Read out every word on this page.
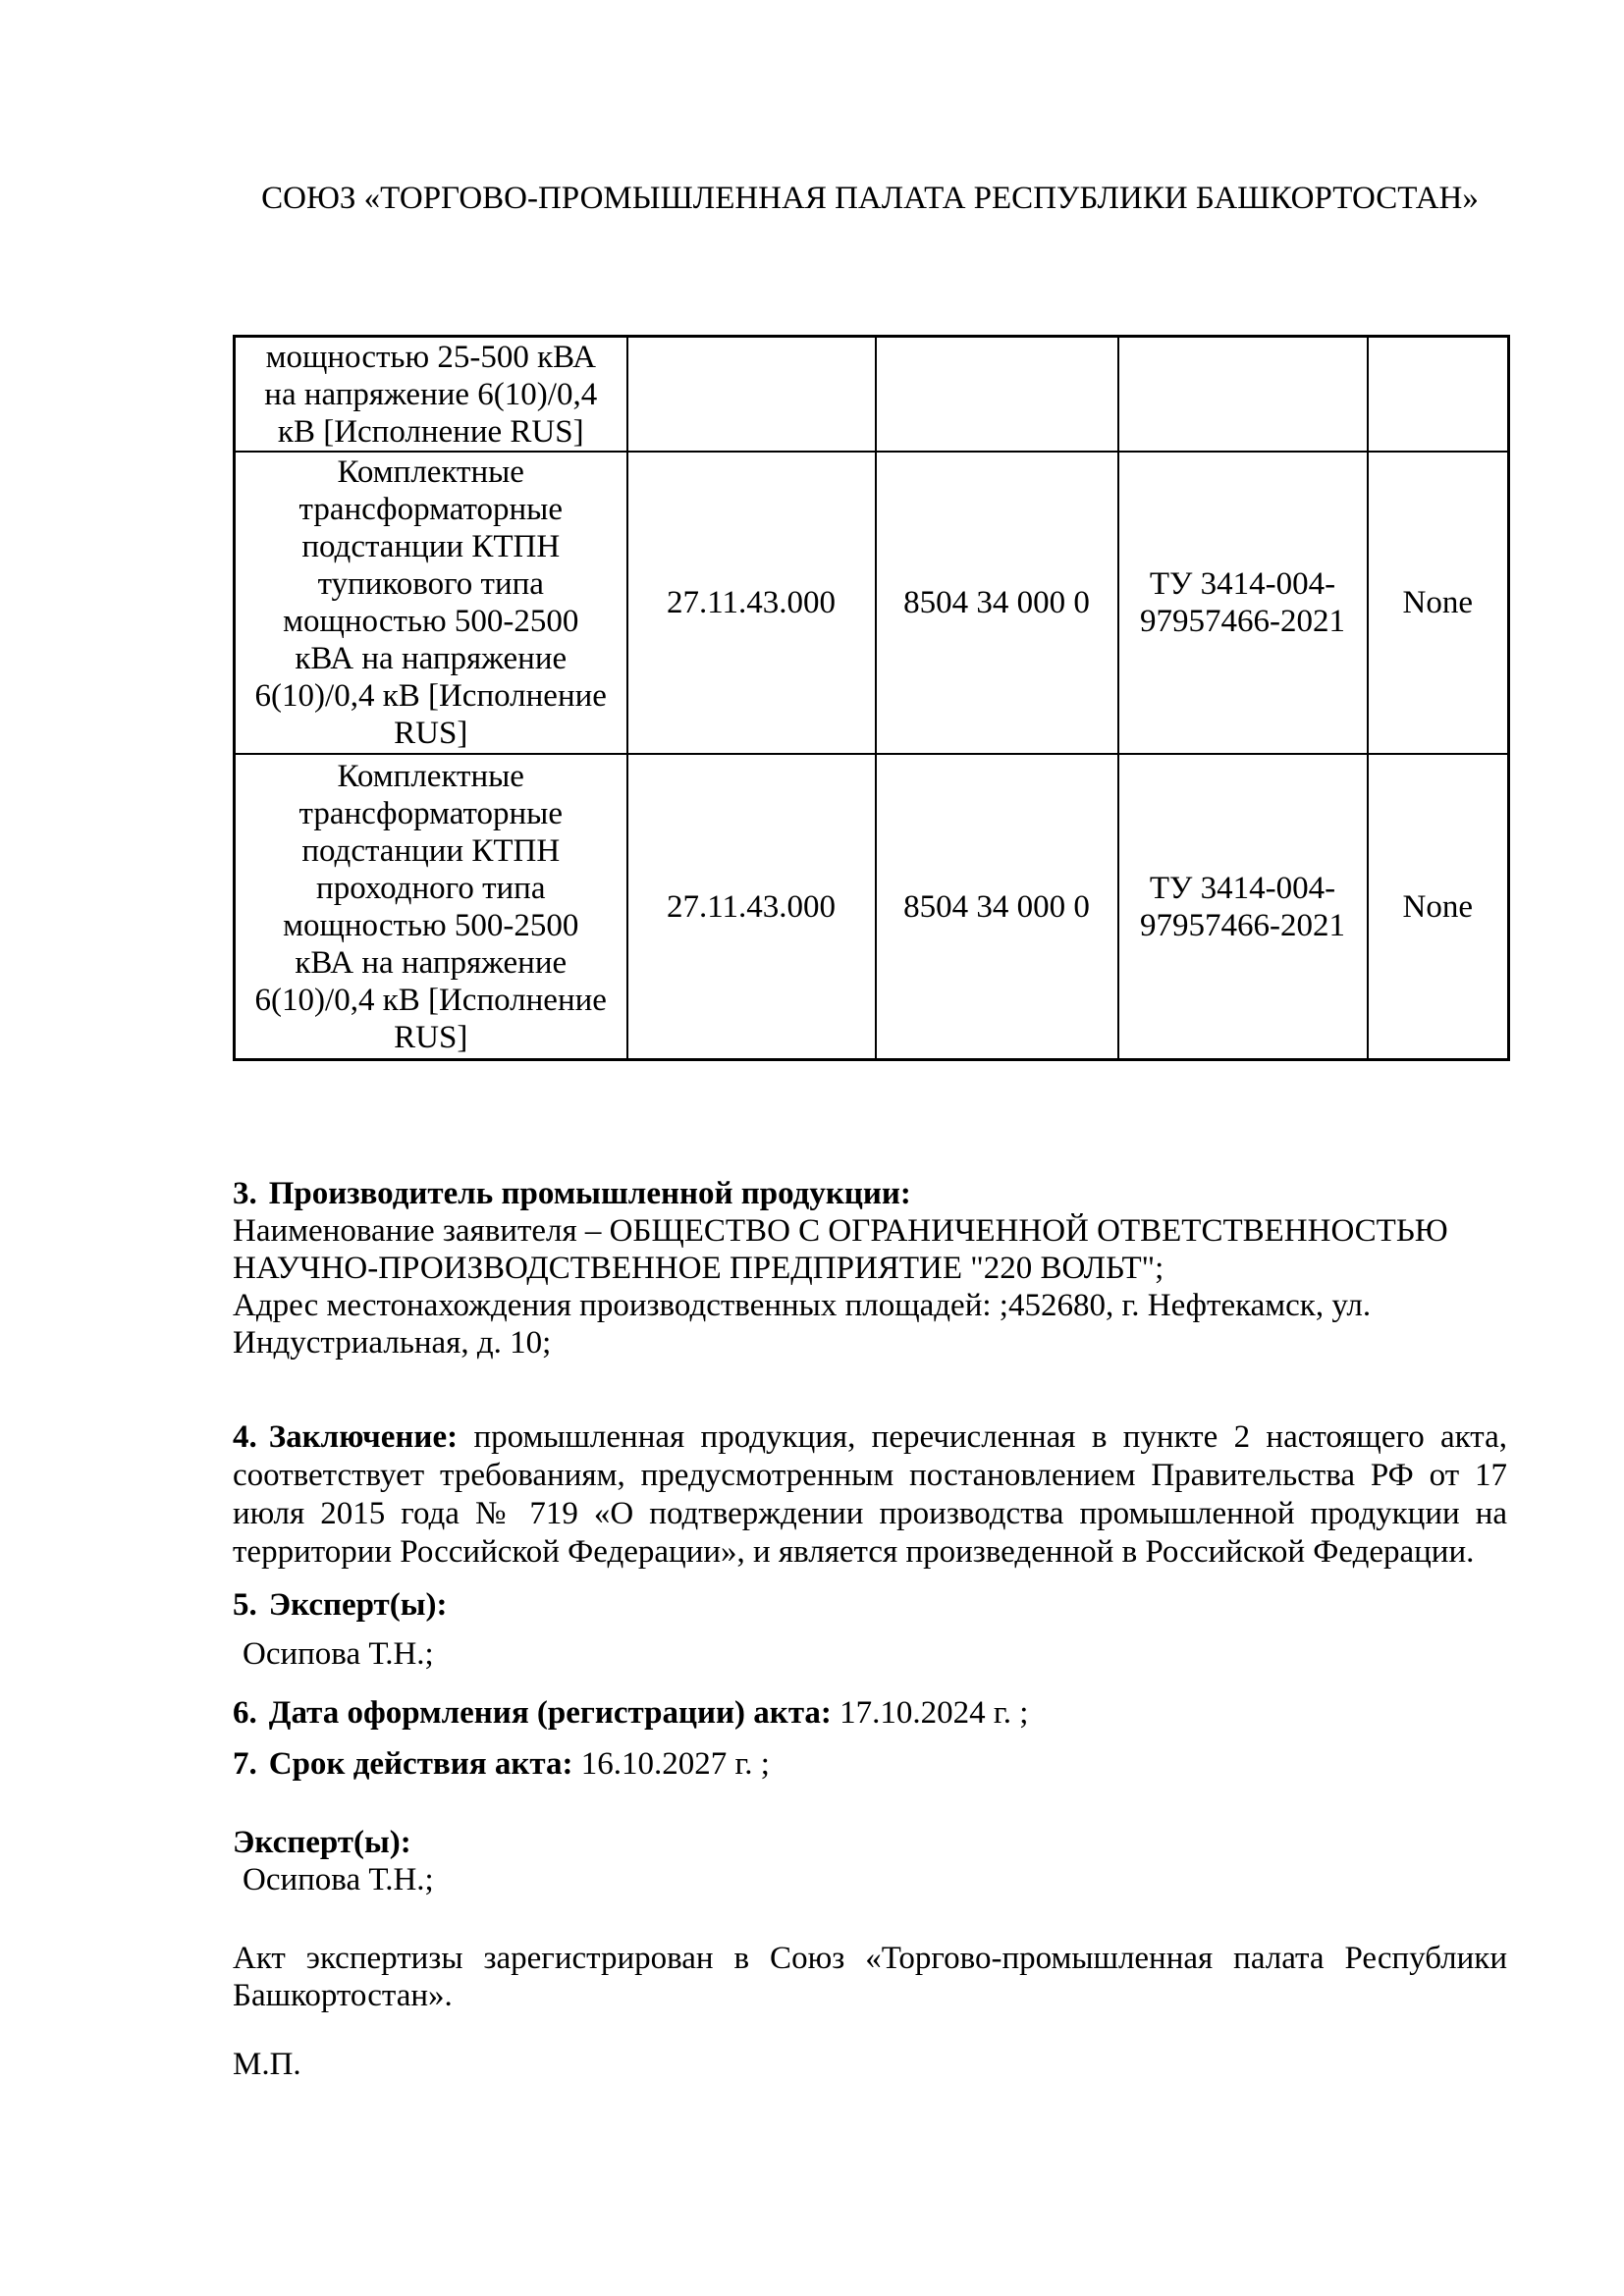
СОЮЗ «ТОРГОВО-ПРОМЫШЛЕННАЯ ПАЛАТА РЕСПУБЛИКИ БАШКОРТОСТАН»
мощностью 25-500 кВА на напряжение 6(10)/0,4 кВ [Исполнение RUS]				
Комплектные трансформаторные подстанции КТПН тупикового типа мощностью 500-2500 кВА на напряжение 6(10)/0,4 кВ [Исполнение RUS]	27.11.43.000	8504 34 000 0	ТУ 3414-004-97957466-2021	None
Комплектные трансформаторные подстанции КТПН проходного типа мощностью 500-2500 кВА на напряжение 6(10)/0,4 кВ [Исполнение RUS]	27.11.43.000	8504 34 000 0	ТУ 3414-004-97957466-2021	None

3. Производитель промышленной продукции:

Наименование заявителя – ОБЩЕСТВО С ОГРАНИЧЕННОЙ ОТВЕТСТВЕННОСТЬЮ НАУЧНО-ПРОИЗВОДСТВЕННОЕ ПРЕДПРИЯТИЕ "220 ВОЛЬТ";

Адрес местонахождения производственных площадей: ;452680, г. Нефтекамск, ул. Индустриальная, д. 10;

4. Заключение: промышленная продукция, перечисленная в пункте 2 настоящего акта, соответствует требованиям, предусмотренным постановлением Правительства РФ от 17 июля 2015 года № 719 «О подтверждении производства промышленной продукции на территории Российской Федерации», и является произведенной в Российской Федерации.

5. Эксперт(ы):

Осипова Т.Н.;

6. Дата оформления (регистрации) акта: 17.10.2024 г. ;

7. Срок действия акта: 16.10.2027 г. ;

Эксперт(ы):

Осипова Т.Н.;

Акт экспертизы зарегистрирован в Союз «Торгово-промышленная палата Республики Башкортостан».

М.П.
